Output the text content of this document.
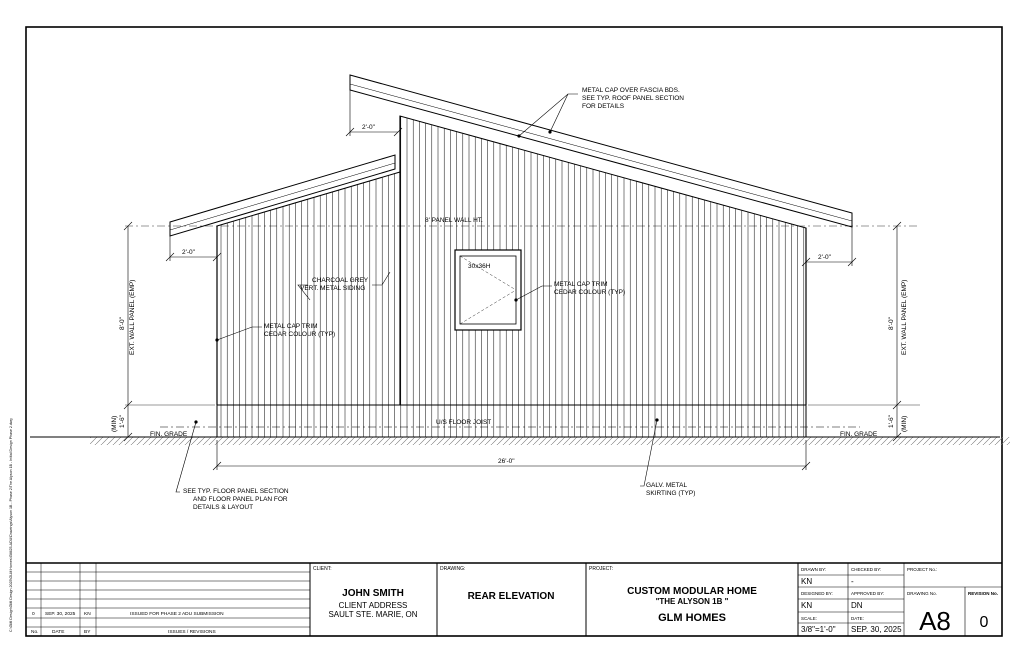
METAL CAP OVER FASCIA BDS.
SEE TYP. ROOF PANEL SECTION
FOR DETAILS
CHARCOAL GREY
VERT. METAL SIDING
METAL CAP TRIM
CEDAR COLOUR (TYP)
METAL CAP TRIM
CEDAR COLOUR (TYP)
SEE TYP. FLOOR PANEL SECTION
AND FLOOR PANEL PLAN FOR
DETAILS & LAYOUT
GALV. METAL
SKIRTING (TYP)
8' PANEL WALL HT.
U/S FLOOR JOIST
FIN. GRADE	FIN. GRADE
30x36H
2'-0"
2'-0"
2'-0"
26'-0"
8'-0" EXT. WALL PANEL (EMP)	8'-0" EXT. WALL PANEL (EMP)
1'-6"
(MIN)	1'-6" (MIN)
C:\GMI Design\GMI Design 2025\GLM Homes\GMI25-ADU\Drawings\Alyson 1B - Phase 2\The Alyson 1B - Initial Design Phase 2.dwg	0 SEP. 30, 2025 KN	ISSUED FOR PHASE 2 ADU SUBMISSION
No.	DATE	BY	ISSUES / REVISIONS
CLIENT:
JOHN SMITH
CLIENT ADDRESS
SAULT STE. MARIE, ON
DRAWING:
REAR ELEVATION
PROJECT:
CUSTOM MODULAR HOME
"THE ALYSON 1B "
GLM HOMES
DRAWN BY:
KN
CHECKED BY:
-
DESIGNED BY:
KN
APPROVED BY:
DN
SCALE:
3/8"=1'-0"
DATE:
SEP. 30, 2025
PROJECT No.:
DRAWING No.
A8
REVISION No.
0
